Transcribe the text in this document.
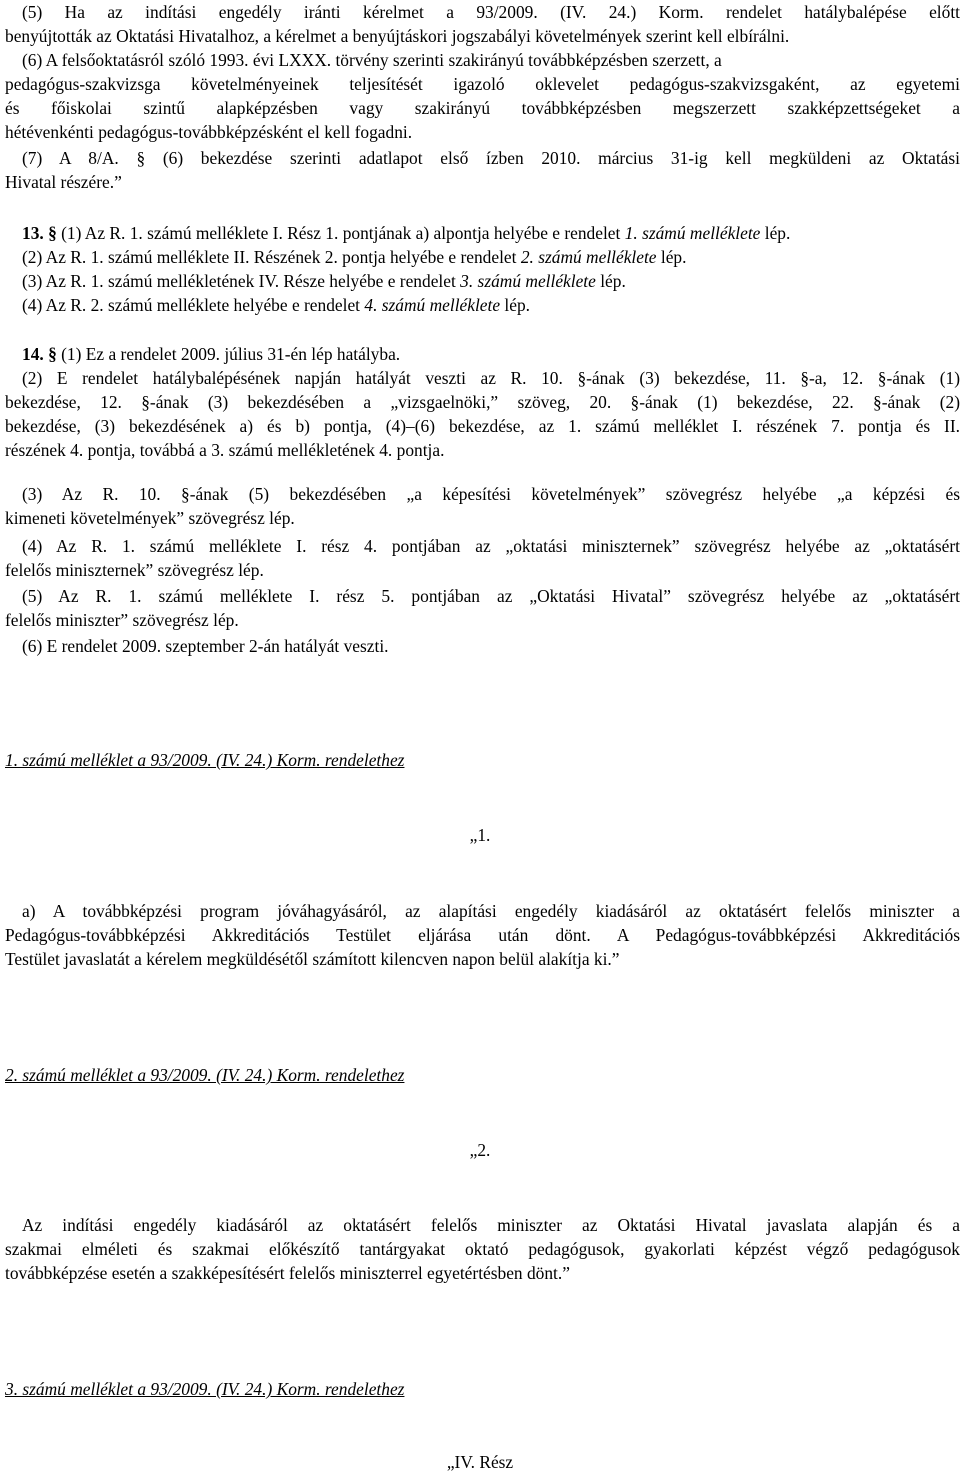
(5) Ha az indítási engedély iránti kérelmet a 93/2009. (IV. 24.) Korm. rendelet hatálybalépése előtt

benyújtották az Oktatási Hivatalhoz, a kérelmet a benyújtáskori jogszabályi követelmények szerint kell elbírálni.

(6) A felsőoktatásról szóló 1993. évi LXXX. törvény szerinti szakirányú továbbképzésben szerzett, a

pedagógus-szakvizsga követelményeinek teljesítését igazoló oklevelet pedagógus-szakvizsgaként, az egyetemi

és főiskolai szintű alapképzésben vagy szakirányú továbbképzésben megszerzett szakképzettségeket a

hétévenkénti pedagógus-továbbképzésként el kell fogadni.

(7) A 8/A. § (6) bekezdése szerinti adatlapot első ízben 2010. március 31-ig kell megküldeni az Oktatási

Hivatal részére.”

13. § (1) Az R. 1. számú melléklete I. Rész 1. pontjának a) alpontja helyébe e rendelet 1. számú melléklete lép.

(2) Az R. 1. számú melléklete II. Részének 2. pontja helyébe e rendelet 2. számú melléklete lép.

(3) Az R. 1. számú mellékletének IV. Része helyébe e rendelet 3. számú melléklete lép.

(4) Az R. 2. számú melléklete helyébe e rendelet 4. számú melléklete lép.

14. § (1) Ez a rendelet 2009. július 31-én lép hatályba.

(2) E rendelet hatálybalépésének napján hatályát veszti az R. 10. §-ának (3) bekezdése, 11. §-a, 12. §-ának (1)

bekezdése, 12. §-ának (3) bekezdésében a „vizsgaelnöki,” szöveg, 20. §-ának (1) bekezdése, 22. §-ának (2)

bekezdése, (3) bekezdésének a) és b) pontja, (4)–(6) bekezdése, az 1. számú melléklet I. részének 7. pontja és II.

részének 4. pontja, továbbá a 3. számú mellékletének 4. pontja.

(3) Az R. 10. §-ának (5) bekezdésében „a képesítési követelmények” szövegrész helyébe „a képzési és

kimeneti követelmények” szövegrész lép.

(4) Az R. 1. számú melléklete I. rész 4. pontjában az „oktatási miniszternek” szövegrész helyébe az „oktatásért

felelős miniszternek” szövegrész lép.

(5) Az R. 1. számú melléklete I. rész 5. pontjában az „Oktatási Hivatal” szövegrész helyébe az „oktatásért

felelős miniszter” szövegrész lép.

(6) E rendelet 2009. szeptember 2-án hatályát veszti.

1. számú melléklet a 93/2009. (IV. 24.) Korm. rendelethez

„1.

a) A továbbképzési program jóváhagyásáról, az alapítási engedély kiadásáról az oktatásért felelős miniszter a

Pedagógus-továbbképzési Akkreditációs Testület eljárása után dönt. A Pedagógus-továbbképzési Akkreditációs

Testület javaslatát a kérelem megküldésétől számított kilencven napon belül alakítja ki.”

2. számú melléklet a 93/2009. (IV. 24.) Korm. rendelethez

„2.

Az indítási engedély kiadásáról az oktatásért felelős miniszter az Oktatási Hivatal javaslata alapján és a

szakmai elméleti és szakmai előkészítő tantárgyakat oktató pedagógusok, gyakorlati képzést végző pedagógusok

továbbképzése esetén a szakképesítésért felelős miniszterrel egyetértésben dönt.”

3. számú melléklet a 93/2009. (IV. 24.) Korm. rendelethez

„IV. Rész
